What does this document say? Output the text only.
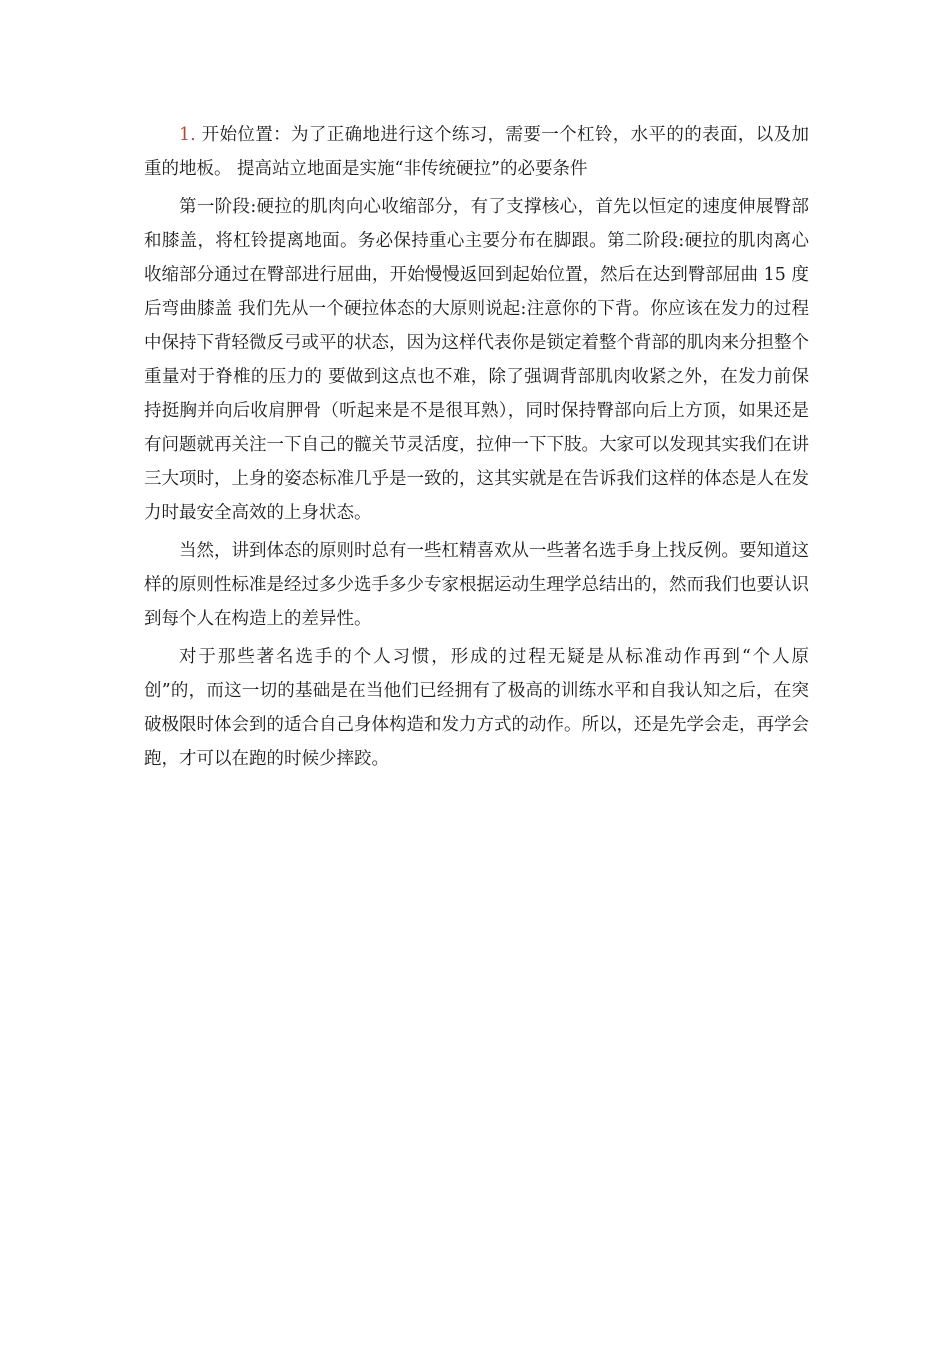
1. 开始位置：为了正确地进行这个练习，需要一个杠铃，水平的的表面，以及加重的地板。 提高站立地面是实施“非传统硬拉”的必要条件

第一阶段:硬拉的肌肉向心收缩部分，有了支撑核心，首先以恒定的速度伸展臀部和膝盖，将杠铃提离地面。务必保持重心主要分布在脚跟。第二阶段:硬拉的肌肉离心收缩部分通过在臀部进行屈曲，开始慢慢返回到起始位置，然后在达到臀部屈曲 15 度后弯曲膝盖 我们先从一个硬拉体态的大原则说起:注意你的下背。你应该在发力的过程中保持下背轻微反弓或平的状态，因为这样代表你是锁定着整个背部的肌肉来分担整个重量对于脊椎的压力的 要做到这点也不难，除了强调背部肌肉收紧之外，在发力前保持挺胸并向后收肩胛骨（听起来是不是很耳熟），同时保持臀部向后上方顶，如果还是有问题就再关注一下自己的髋关节灵活度，拉伸一下下肢。大家可以发现其实我们在讲三大项时，上身的姿态标准几乎是一致的，这其实就是在告诉我们这样的体态是人在发力时最安全高效的上身状态。

当然，讲到体态的原则时总有一些杠精喜欢从一些著名选手身上找反例。要知道这样的原则性标准是经过多少选手多少专家根据运动生理学总结出的，然而我们也要认识到每个人在构造上的差异性。

对于那些著名选手的个人习惯，形成的过程无疑是从标准动作再到“个人原创”的，而这一切的基础是在当他们已经拥有了极高的训练水平和自我认知之后，在突破极限时体会到的适合自己身体构造和发力方式的动作。所以，还是先学会走，再学会跑，才可以在跑的时候少摔跤。
